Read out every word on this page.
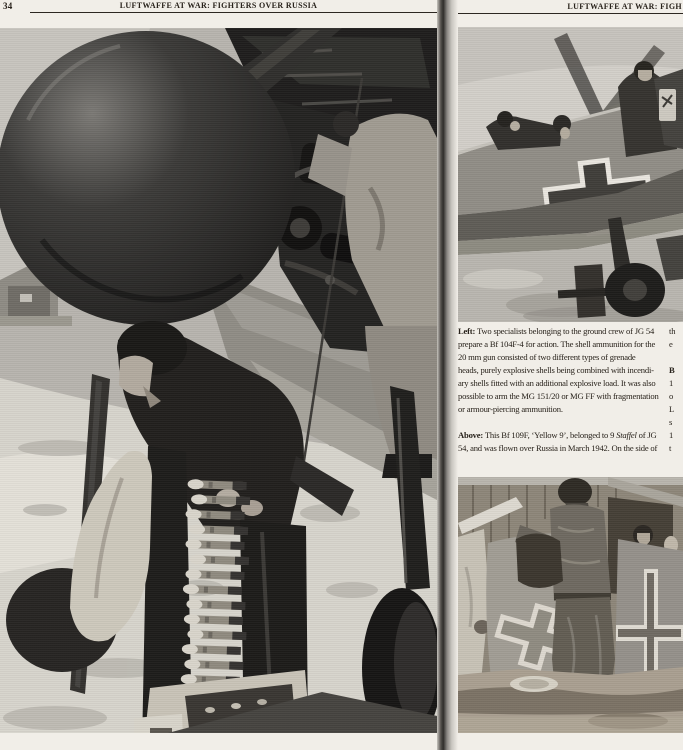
34	LUFTWAFFE AT WAR: FIGHTERS OVER RUSSIA	LUFTWAFFE AT WAR: FIGH
Left: Two specialists belonging to the ground crew of JG 54
prepare a Bf 104F-4 for action. The shell ammunition for the
20 mm gun consisted of two different types of grenade
heads, purely explosive shells being combined with incendi-
ary shells fitted with an additional explosive load. It was also
possible to arm the MG 151/20 or MG FF with fragmentation
or armour-piercing ammunition.
Above: This Bf 109F, ‘Yellow 9’, belonged to 9 Staffel of JG
54, and was flown over Russia in March 1942. On the side of
th
e
B
1
o
L
s
1
t
